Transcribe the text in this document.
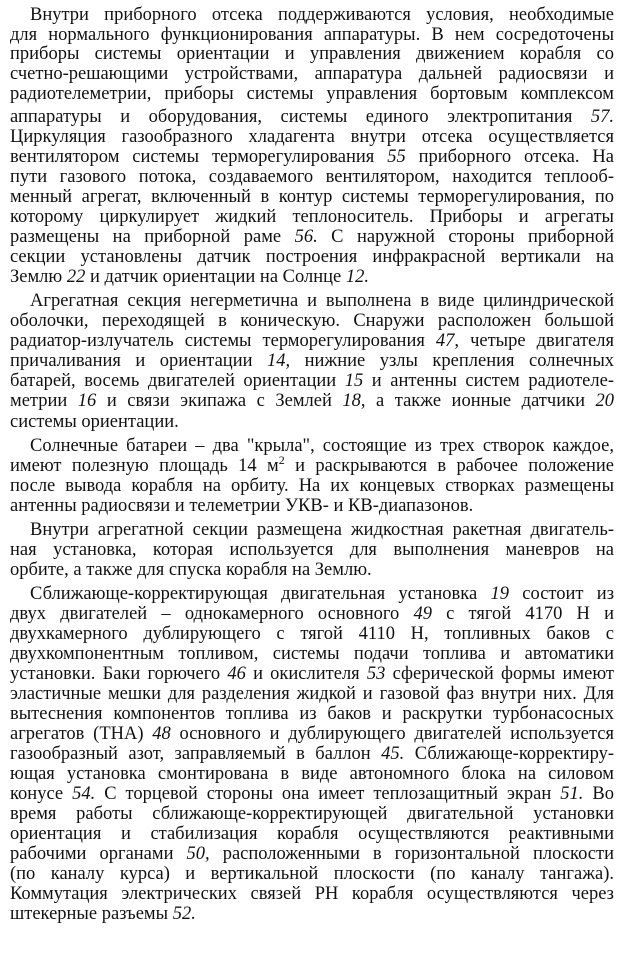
Внутри приборного отсека поддерживаются условия, необходимые
для нормального функционирования аппаратуры. В нем сосредоточены
приборы системы ориентации и управления движением корабля со
счетно-решающими устройствами, аппаратура дальней радиосвязи и
радиотелеметрии, приборы системы управления бортовым комплексом
аппаратуры и оборудования, системы единого электропитания 57.
Циркуляция газообразного хладагента внутри отсека осуществляется
вентилятором системы терморегулирования 55 приборного отсека. На
пути газового потока, создаваемого вентилятором, находится теплооб-
менный агрегат, включенный в контур системы терморегулирования, по
которому циркулирует жидкий теплоноситель. Приборы и агрегаты
размещены на приборной раме 56. С наружной стороны приборной
секции установлены датчик построения инфракрасной вертикали на
Землю 22 и датчик ориентации на Солнце 12.
Агрегатная секция негерметична и выполнена в виде цилиндрической
оболочки, переходящей в коническую. Снаружи расположен большой
радиатор-излучатель системы терморегулирования 47, четыре двигателя
причаливания и ориентации 14, нижние узлы крепления солнечных
батарей, восемь двигателей ориентации 15 и антенны систем радиотеле-
метрии 16 и связи экипажа с Землей 18, а также ионные датчики 20
системы ориентации.
Солнечные батареи – два "крыла", состоящие из трех створок каждое,
имеют полезную площадь 14 $м^2$ и раскрываются в рабочее положение
после вывода корабля на орбиту. На их концевых створках размещены
антенны радиосвязи и телеметрии УКВ- и КВ-диапазонов.
Внутри агрегатной секции размещена жидкостная ракетная двигатель-
ная установка, которая используется для выполнения маневров на
орбите, а также для спуска корабля на Землю.
Сближающе-корректирующая двигательная установка 19 состоит из
двух двигателей – однокамерного основного 49 с тягой 4170 Н и
двухкамерного дублирующего с тягой 4110 Н, топливных баков с
двухкомпонентным топливом, системы подачи топлива и автоматики
установки. Баки горючего 46 и окислителя 53 сферической формы имеют
эластичные мешки для разделения жидкой и газовой фаз внутри них. Для
вытеснения компонентов топлива из баков и раскрутки турбонасосных
агрегатов (ТНА) 48 основного и дублирующего двигателей используется
газообразный азот, заправляемый в баллон 45. Сближающе-корректиру-
ющая установка смонтирована в виде автономного блока на силовом
конусе 54. С торцевой стороны она имеет теплозащитный экран 51. Во
время работы сближающе-корректирующей двигательной установки
ориентация и стабилизация корабля осуществляются реактивными
рабочими органами 50, расположенными в горизонтальной плоскости
(по каналу курса) и вертикальной плоскости (по каналу тангажа).
Коммутация электрических связей РН корабля осуществляются через
штекерные разъемы 52.
